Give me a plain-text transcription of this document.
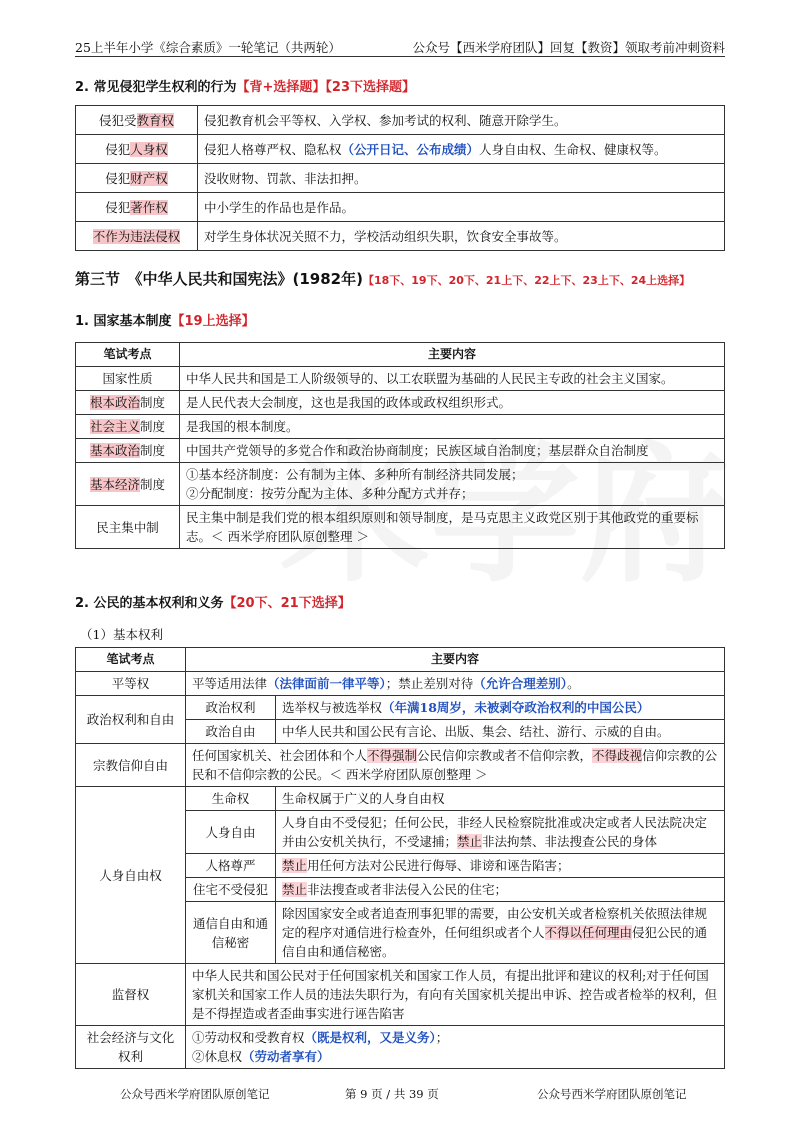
25上半年小学《综合素质》一轮笔记（共两轮）	公众号【西米学府团队】回复【教资】领取考前冲刺资料
2. 常见侵犯学生权利的行为【背+选择题】【23下选择题】
侵犯受教育权	侵犯教育机会平等权、入学权、参加考试的权利、随意开除学生。
侵犯人身权	侵犯人格尊严权、隐私权（公开日记、公布成绩）人身自由权、生命权、健康权等。
侵犯财产权	没收财物、罚款、非法扣押。
侵犯著作权	中小学生的作品也是作品。
不作为违法侵权	对学生身体状况关照不力，学校活动组织失职，饮食安全事故等。
第三节　《中华人民共和国宪法》(1982年)【18下、19下、20下、21上下、22上下、23上下、24上选择】
1. 国家基本制度【19上选择】
笔试考点	主要内容
国家性质	中华人民共和国是工人阶级领导的、以工农联盟为基础的人民民主专政的社会主义国家。
根本政治制度	是人民代表大会制度，这也是我国的政体或政权组织形式。
社会主义制度	是我国的根本制度。
基本政治制度	中国共产党领导的多党合作和政治协商制度；民族区域自治制度；基层群众自治制度
基本经济制度	①基本经济制度：公有制为主体、多种所有制经济共同发展；
②分配制度：按劳分配为主体、多种分配方式并存；

民主集中制	民主集中制是我们党的根本组织原则和领导制度，是马克思主义政党区别于其他政党的重要标志。＜ 西米学府团队原创整理 ＞
2. 公民的基本权利和义务【20下、21下选择】
（1）基本权利
笔试考点	主要内容	
平等权	平等适用法律（法律面前一律平等）；禁止差别对待（允许合理差别）。	
政治权利和自由	政治权利	选举权与被选举权（年满18周岁，未被剥夺政治权利的中国公民）
	政治自由	中华人民共和国公民有言论、出版、集会、结社、游行、示威的自由。
宗教信仰自由	任何国家机关、社会团体和个人不得强制公民信仰宗教或者不信仰宗教，不得歧视信仰宗教的公民和不信仰宗教的公民。＜ 西米学府团队原创整理 ＞	
人身自由权	生命权	生命权属于广义的人身自由权
	人身自由	人身自由不受侵犯；任何公民，非经人民检察院批准或决定或者人民法院决定并由公安机关执行，不受逮捕；禁止非法拘禁、非法搜查公民的身体
	人格尊严	禁止用任何方法对公民进行侮辱、诽谤和诬告陷害；
	住宅不受侵犯	禁止非法搜查或者非法侵入公民的住宅；
	通信自由和通信秘密	除因国家安全或者追查刑事犯罪的需要，由公安机关或者检察机关依照法律规定的程序对通信进行检查外，任何组织或者个人不得以任何理由侵犯公民的通信自由和通信秘密。
监督权	中华人民共和国公民对于任何国家机关和国家工作人员，有提出批评和建议的权利;对于任何国家机关和国家工作人员的违法失职行为，有向有关国家机关提出申诉、控告或者检举的权利，但是不得捏造或者歪曲事实进行诬告陷害	
社会经济与文化权利	①劳动权和受教育权（既是权利，又是义务）；
②休息权（劳动者享有）	
公众号西米学府团队原创笔记	第 9 页 / 共 39 页	公众号西米学府团队原创笔记
